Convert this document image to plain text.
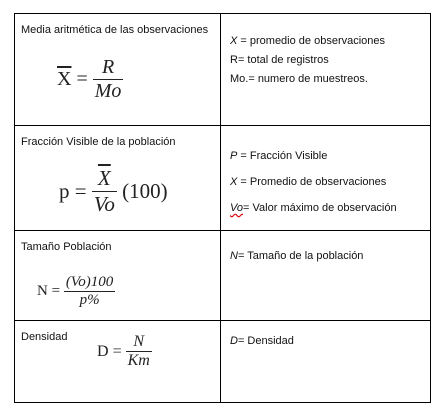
Media aritmética de las observaciones
$\overline{X} = \frac{R}{Mo}$
X = promedio de observaciones
R= total de registros
Mo.= numero de muestreos.
Fracción Visible de la población
$p = \frac{\overline{X}}{Vo} (100)$
P = Fracción Visible
X = Promedio de observaciones
Vo= Valor máximo de observación
Tamaño Población
$N = \frac{(Vo)100}{p\%}$
N= Tamaño de la población
Densidad
$D = \frac{N}{Km}$	D= Densidad
